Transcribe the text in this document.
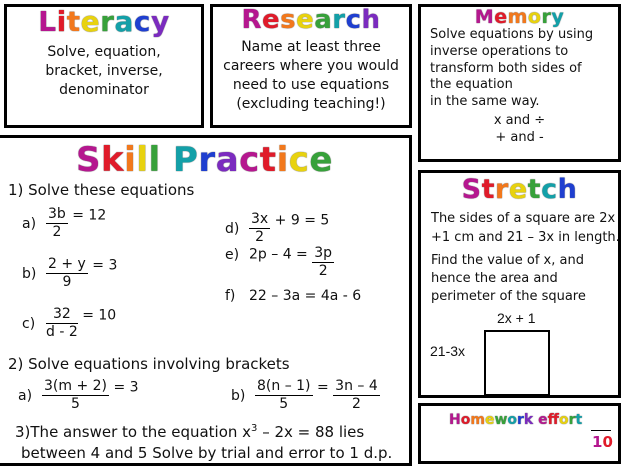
Literacy
Solve, equation,
bracket, inverse,
denominator
Research
Name at least three
careers where you would
need to use equations
(excluding teaching!)
Memory
Solve equations by using
inverse operations to
transform both sides of
the equation
in the same way.
x and ÷
+ and -
Skill Practice
1) Solve these equations
$a) \frac{3b}{2} = 12$
$b) \frac{2 + y}{9} = 3$
$c) \frac{32}{d - 2} = 10$
$d) \frac{3x}{2} + 9 = 5$
e) $2p - 4 = \frac{3p}{2}$
f) 22 – 3a = 4a - 6
2) Solve equations involving brackets
$a) \frac{3(m + 2)}{5} = 3$	$b) \frac{8(n - 1)}{5} = \frac{3n - 4}{2}$
3)The answer to the equation $x^3 - 2x = 88$ lies
between 4 and 5 Solve by trial and error to 1 d.p.
Stretch
The sides of a square are 2x
+1 cm and 21 – 3x in length.
Find the value of x, and
hence the area and
perimeter of the square
2x + 1
21-3x
Homework efort
10
